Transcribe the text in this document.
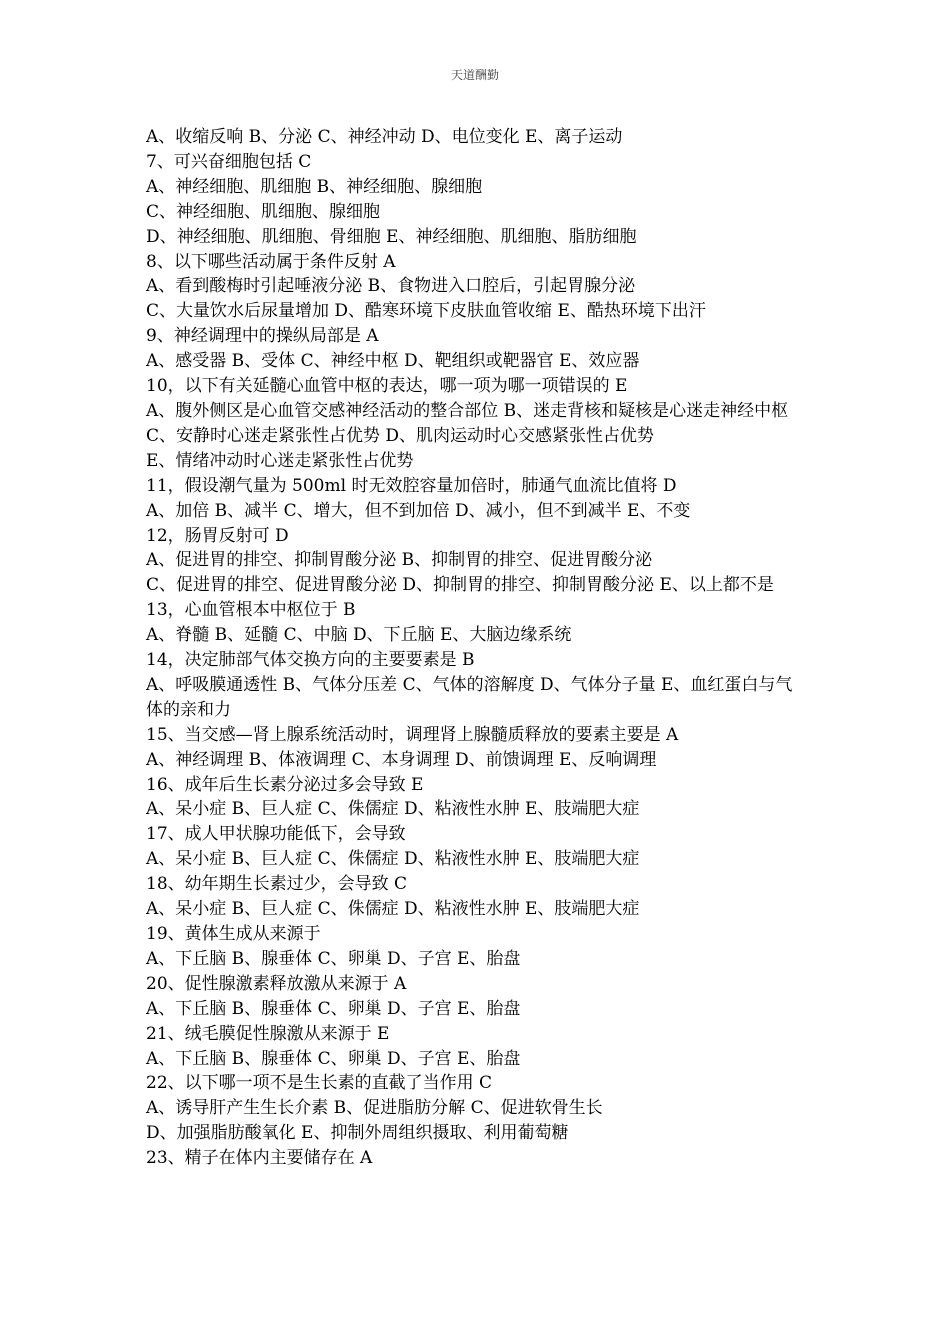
天道酬勤
A、收缩反响 B、分泌 C、神经冲动 D、电位变化 E、离子运动
7、可兴奋细胞包括 C
A、神经细胞、肌细胞 B、神经细胞、腺细胞
C、神经细胞、肌细胞、腺细胞
D、神经细胞、肌细胞、骨细胞 E、神经细胞、肌细胞、脂肪细胞
8、以下哪些活动属于条件反射 A
A、看到酸梅时引起唾液分泌 B、食物进入口腔后，引起胃腺分泌
C、大量饮水后尿量增加 D、酷寒环境下皮肤血管收缩 E、酷热环境下出汗
9、神经调理中的操纵局部是 A
A、感受器 B、受体 C、神经中枢 D、靶组织或靶器官 E、效应器
10，以下有关延髓心血管中枢的表达，哪一项为哪一项错误的 E
A、腹外侧区是心血管交感神经活动的整合部位 B、迷走背核和疑核是心迷走神经中枢
C、安静时心迷走紧张性占优势 D、肌肉运动时心交感紧张性占优势
E、情绪冲动时心迷走紧张性占优势
11，假设潮气量为 500ml 时无效腔容量加倍时，肺通气血流比值将 D
A、加倍 B、减半 C、增大，但不到加倍 D、减小，但不到减半 E、不变
12，肠胃反射可 D
A、促进胃的排空、抑制胃酸分泌 B、抑制胃的排空、促进胃酸分泌
C、促进胃的排空、促进胃酸分泌 D、抑制胃的排空、抑制胃酸分泌 E、以上都不是
13，心血管根本中枢位于 B
A、脊髓 B、延髓 C、中脑 D、下丘脑 E、大脑边缘系统
14，决定肺部气体交换方向的主要要素是 B
A、呼吸膜通透性 B、气体分压差 C、气体的溶解度 D、气体分子量 E、血红蛋白与气体的亲和力
15、当交感—肾上腺系统活动时，调理肾上腺髓质释放的要素主要是 A
A、神经调理 B、体液调理 C、本身调理 D、前馈调理 E、反响调理
16、成年后生长素分泌过多会导致 E
A、呆小症 B、巨人症 C、侏儒症 D、粘液性水肿 E、肢端肥大症
17、成人甲状腺功能低下，会导致
A、呆小症 B、巨人症 C、侏儒症 D、粘液性水肿 E、肢端肥大症
18、幼年期生长素过少，会导致 C
A、呆小症 B、巨人症 C、侏儒症 D、粘液性水肿 E、肢端肥大症
19、黄体生成从来源于
A、下丘脑 B、腺垂体 C、卵巢 D、子宫 E、胎盘
20、促性腺激素释放激从来源于 A
A、下丘脑 B、腺垂体 C、卵巢 D、子宫 E、胎盘
21、绒毛膜促性腺激从来源于 E
A、下丘脑 B、腺垂体 C、卵巢 D、子宫 E、胎盘
22、以下哪一项不是生长素的直截了当作用 C
A、诱导肝产生生长介素 B、促进脂肪分解 C、促进软骨生长
D、加强脂肪酸氧化 E、抑制外周组织摄取、利用葡萄糖
23、精子在体内主要储存在 A
